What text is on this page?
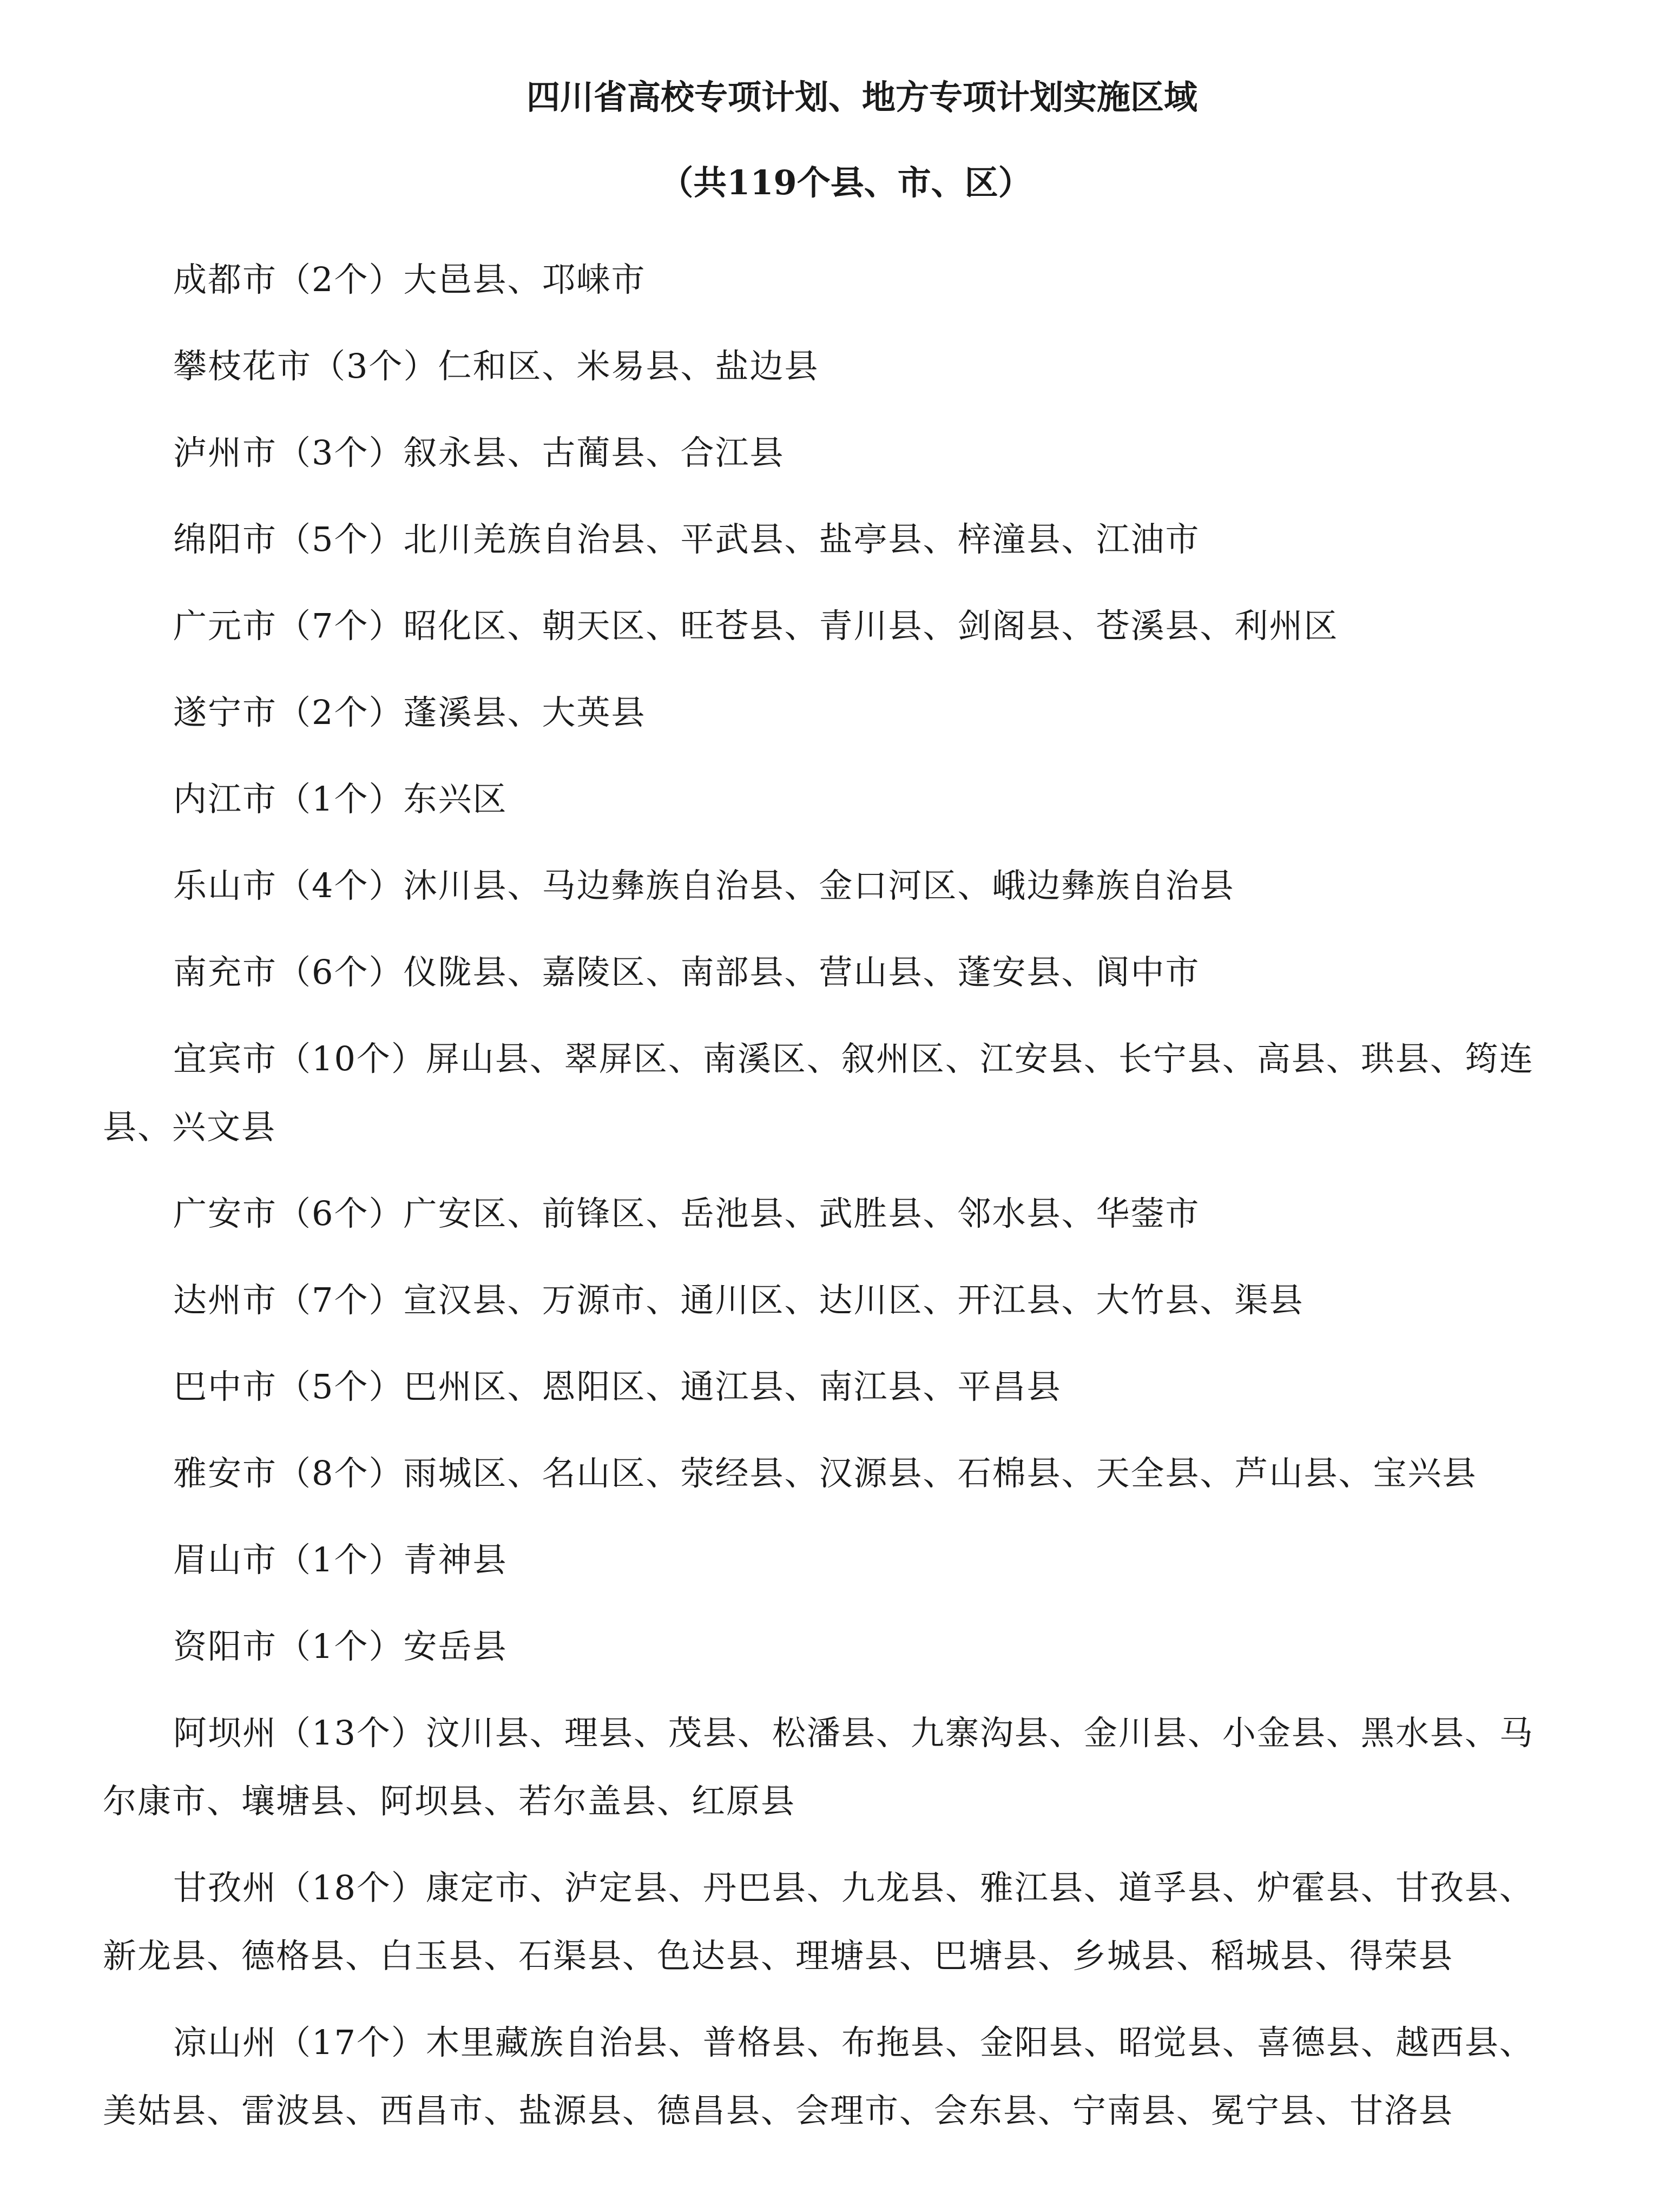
四川省高校专项计划、地方专项计划实施区域
（共119个县、市、区）

成都市（2个）大邑县、邛崃市

攀枝花市（3个）仁和区、米易县、盐边县

泸州市（3个）叙永县、古蔺县、合江县

绵阳市（5个）北川羌族自治县、平武县、盐亭县、梓潼县、江油市

广元市（7个）昭化区、朝天区、旺苍县、青川县、剑阁县、苍溪县、利州区

遂宁市（2个）蓬溪县、大英县

内江市（1个）东兴区

乐山市（4个）沐川县、马边彝族自治县、金口河区、峨边彝族自治县

南充市（6个）仪陇县、嘉陵区、南部县、营山县、蓬安县、阆中市

宜宾市（10个）屏山县、翠屏区、南溪区、叙州区、江安县、长宁县、高县、珙县、筠连县、兴文县

广安市（6个）广安区、前锋区、岳池县、武胜县、邻水县、华蓥市

达州市（7个）宣汉县、万源市、通川区、达川区、开江县、大竹县、渠县

巴中市（5个）巴州区、恩阳区、通江县、南江县、平昌县

雅安市（8个）雨城区、名山区、荥经县、汉源县、石棉县、天全县、芦山县、宝兴县

眉山市（1个）青神县

资阳市（1个）安岳县

阿坝州（13个）汶川县、理县、茂县、松潘县、九寨沟县、金川县、小金县、黑水县、马尔康市、壤塘县、阿坝县、若尔盖县、红原县

甘孜州（18个）康定市、泸定县、丹巴县、九龙县、雅江县、道孚县、炉霍县、甘孜县、新龙县、德格县、白玉县、石渠县、色达县、理塘县、巴塘县、乡城县、稻城县、得荣县

凉山州（17个）木里藏族自治县、普格县、布拖县、金阳县、昭觉县、喜德县、越西县、美姑县、雷波县、西昌市、盐源县、德昌县、会理市、会东县、宁南县、冕宁县、甘洛县
